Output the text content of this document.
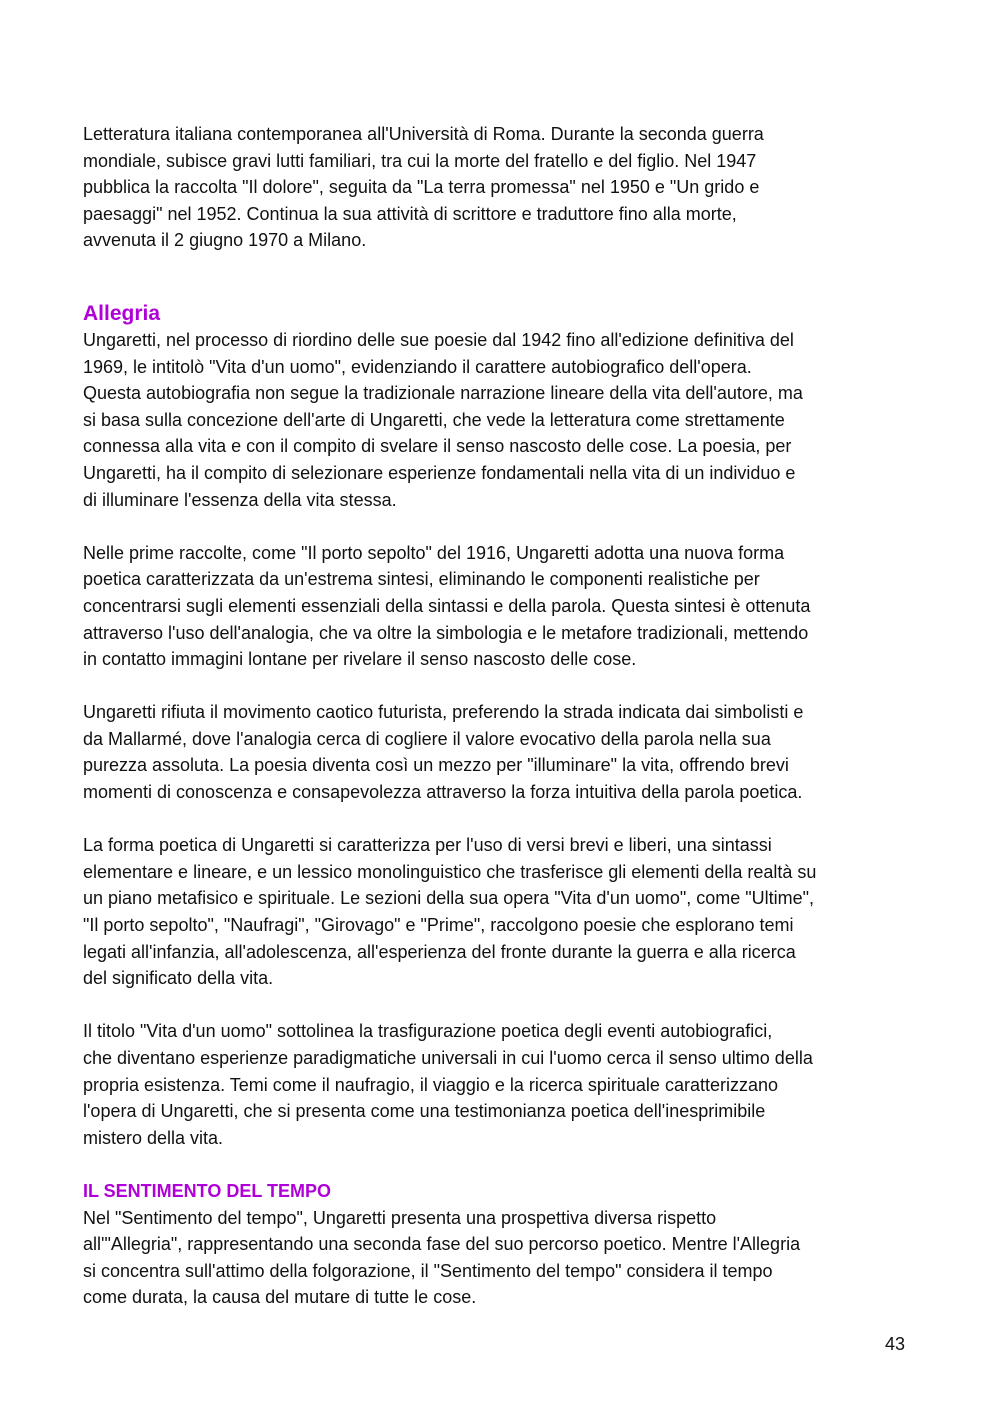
Letteratura italiana contemporanea all'Università di Roma. Durante la seconda guerra
mondiale, subisce gravi lutti familiari, tra cui la morte del fratello e del figlio. Nel 1947
pubblica la raccolta "Il dolore", seguita da "La terra promessa" nel 1950 e "Un grido e
paesaggi" nel 1952. Continua la sua attività di scrittore e traduttore fino alla morte,
avvenuta il 2 giugno 1970 a Milano.

Allegria

Ungaretti, nel processo di riordino delle sue poesie dal 1942 fino all'edizione definitiva del
1969, le intitolò "Vita d'un uomo", evidenziando il carattere autobiografico dell'opera.
Questa autobiografia non segue la tradizionale narrazione lineare della vita dell'autore, ma
si basa sulla concezione dell'arte di Ungaretti, che vede la letteratura come strettamente
connessa alla vita e con il compito di svelare il senso nascosto delle cose. La poesia, per
Ungaretti, ha il compito di selezionare esperienze fondamentali nella vita di un individuo e
di illuminare l'essenza della vita stessa.

Nelle prime raccolte, come "Il porto sepolto" del 1916, Ungaretti adotta una nuova forma
poetica caratterizzata da un'estrema sintesi, eliminando le componenti realistiche per
concentrarsi sugli elementi essenziali della sintassi e della parola. Questa sintesi è ottenuta
attraverso l'uso dell'analogia, che va oltre la simbologia e le metafore tradizionali, mettendo
in contatto immagini lontane per rivelare il senso nascosto delle cose.

Ungaretti rifiuta il movimento caotico futurista, preferendo la strada indicata dai simbolisti e
da Mallarmé, dove l'analogia cerca di cogliere il valore evocativo della parola nella sua
purezza assoluta. La poesia diventa così un mezzo per "illuminare" la vita, offrendo brevi
momenti di conoscenza e consapevolezza attraverso la forza intuitiva della parola poetica.

La forma poetica di Ungaretti si caratterizza per l'uso di versi brevi e liberi, una sintassi
elementare e lineare, e un lessico monolinguistico che trasferisce gli elementi della realtà su
un piano metafisico e spirituale. Le sezioni della sua opera "Vita d'un uomo", come "Ultime",
"Il porto sepolto", "Naufragi", "Girovago" e "Prime", raccolgono poesie che esplorano temi
legati all'infanzia, all'adolescenza, all'esperienza del fronte durante la guerra e alla ricerca
del significato della vita.

Il titolo "Vita d'un uomo" sottolinea la trasfigurazione poetica degli eventi autobiografici,
che diventano esperienze paradigmatiche universali in cui l'uomo cerca il senso ultimo della
propria esistenza. Temi come il naufragio, il viaggio e la ricerca spirituale caratterizzano
l'opera di Ungaretti, che si presenta come una testimonianza poetica dell'inesprimibile
mistero della vita.

IL SENTIMENTO DEL TEMPO

Nel "Sentimento del tempo", Ungaretti presenta una prospettiva diversa rispetto
all'"Allegria", rappresentando una seconda fase del suo percorso poetico. Mentre l'Allegria
si concentra sull'attimo della folgorazione, il "Sentimento del tempo" considera il tempo
come durata, la causa del mutare di tutte le cose.

43
